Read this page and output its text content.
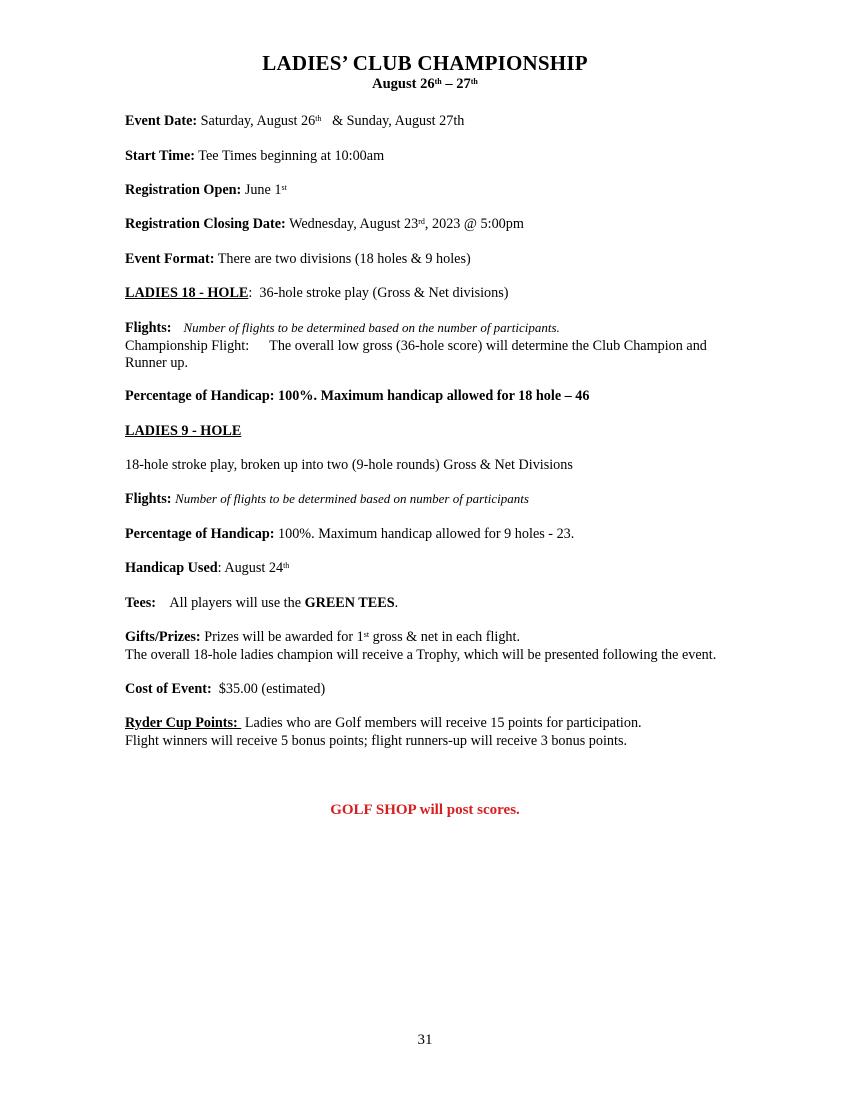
LADIES’ CLUB CHAMPIONSHIP
August 26th – 27th
Event Date: Saturday, August 26th   & Sunday, August 27th
Start Time: Tee Times beginning at 10:00am
Registration Open: June 1st
Registration Closing Date: Wednesday, August 23rd, 2023 @ 5:00pm
Event Format: There are two divisions (18 holes & 9 holes)
LADIES 18 - HOLE:  36-hole stroke play (Gross & Net divisions)
Flights: Number of flights to be determined based on the number of participants.
Championship Flight: The overall low gross (36-hole score) will determine the Club Champion and
Runner up.
Percentage of Handicap: 100%. Maximum handicap allowed for 18 hole – 46
LADIES 9 - HOLE
18-hole stroke play, broken up into two (9-hole rounds) Gross & Net Divisions
Flights: Number of flights to be determined based on number of participants
Percentage of Handicap: 100%. Maximum handicap allowed for 9 holes - 23.
Handicap Used: August 24th
Tees:    All players will use the GREEN TEES.
Gifts/Prizes: Prizes will be awarded for 1st gross & net in each flight.
The overall 18-hole ladies champion will receive a Trophy, which will be presented following the event.
Cost of Event:  $35.00 (estimated)
Ryder Cup Points:  Ladies who are Golf members will receive 15 points for participation.
Flight winners will receive 5 bonus points; flight runners-up will receive 3 bonus points.
GOLF SHOP will post scores.
31
